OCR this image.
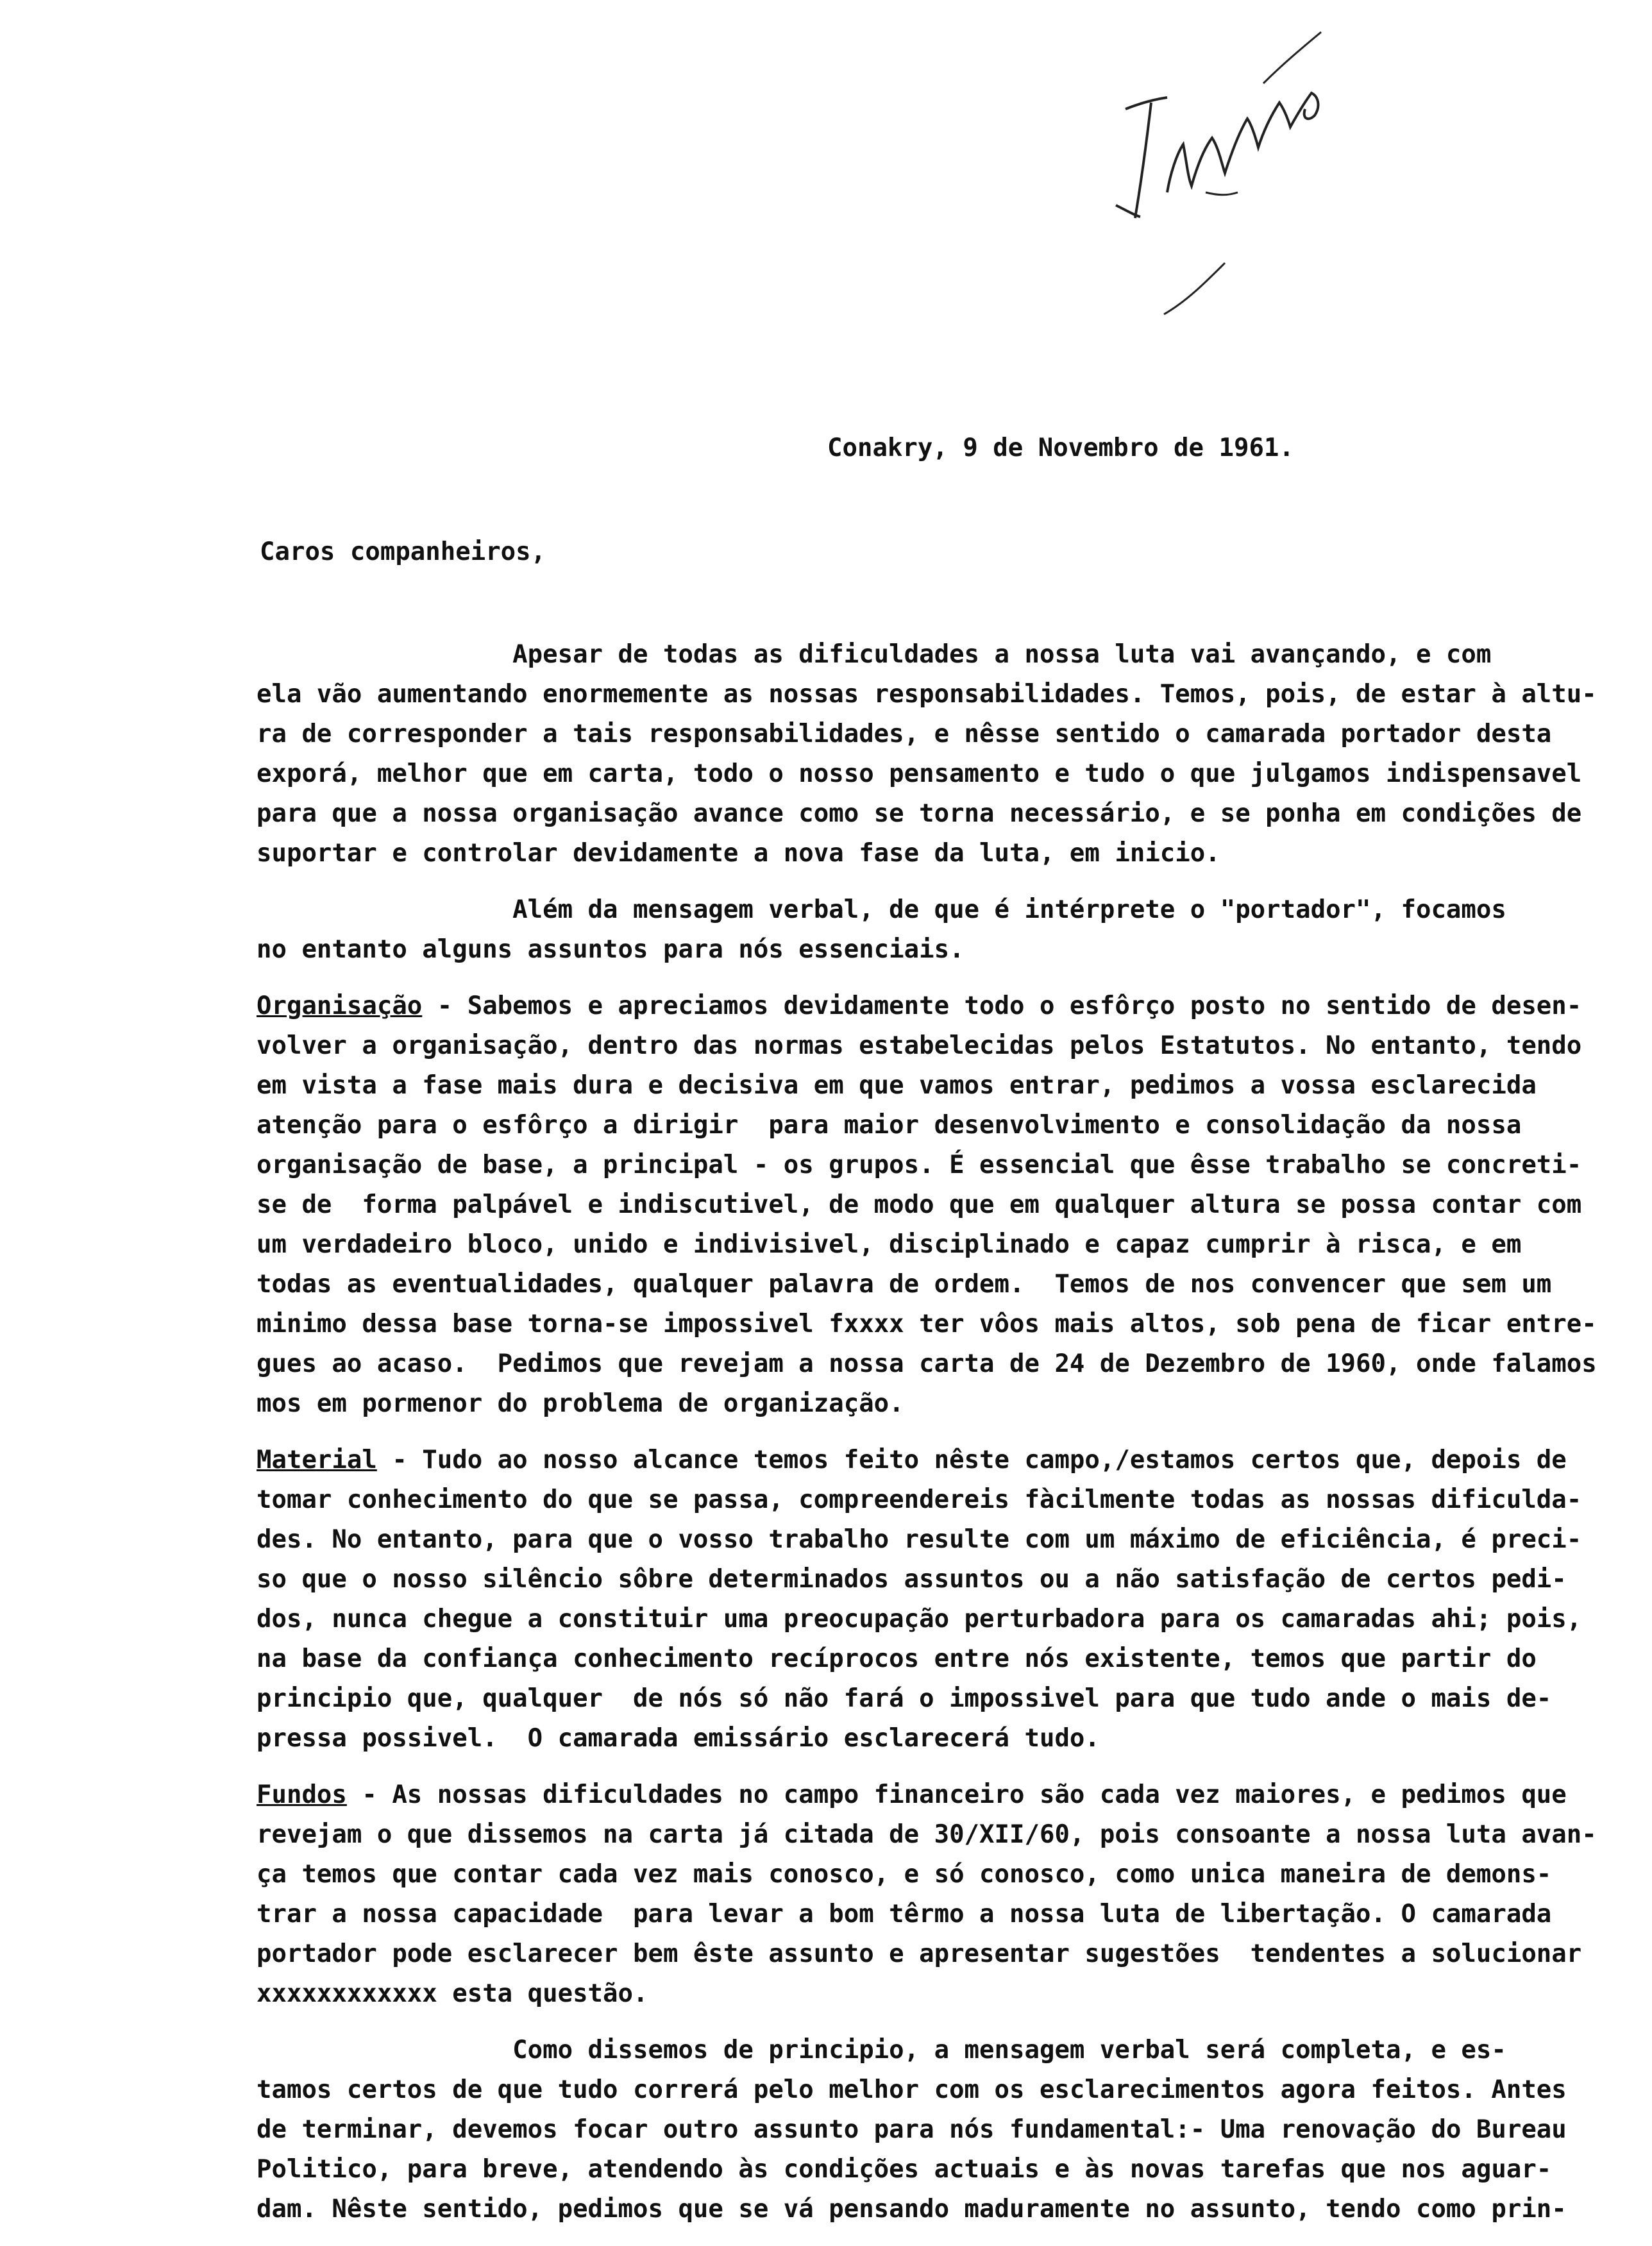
Conakry, 9 de Novembro de 1961.
Caros companheiros,
Apesar de todas as dificuldades a nossa luta vai avançando, e com
ela vão aumentando enormemente as nossas responsabilidades. Temos, pois, de estar à altu-
ra de corresponder a tais responsabilidades, e nêsse sentido o camarada portador desta
exporá, melhor que em carta, todo o nosso pensamento e tudo o que julgamos indispensavel
para que a nossa organisação avance como se torna necessário, e se ponha em condições de
suportar e controlar devidamente a nova fase da luta, em inicio.
Além da mensagem verbal, de que é intérprete o "portador", focamos
no entanto alguns assuntos para nós essenciais.
Organisação - Sabemos e apreciamos devidamente todo o esfôrço posto no sentido de desen-
volver a organisação, dentro das normas estabelecidas pelos Estatutos. No entanto, tendo
em vista a fase mais dura e decisiva em que vamos entrar, pedimos a vossa esclarecida
atenção para o esfôrço a dirigir  para maior desenvolvimento e consolidação da nossa
organisação de base, a principal - os grupos. É essencial que êsse trabalho se concreti-
se de  forma palpável e indiscutivel, de modo que em qualquer altura se possa contar com
um verdadeiro bloco, unido e indivisivel, disciplinado e capaz cumprir à risca, e em
todas as eventualidades, qualquer palavra de ordem.  Temos de nos convencer que sem um
minimo dessa base torna-se impossivel fxxxx ter vôos mais altos, sob pena de ficar entre-
gues ao acaso.  Pedimos que revejam a nossa carta de 24 de Dezembro de 1960, onde falamos
mos em pormenor do problema de organização.
Material - Tudo ao nosso alcance temos feito nêste campo,/estamos certos que, depois de
tomar conhecimento do que se passa, compreendereis fàcilmente todas as nossas dificulda-
des. No entanto, para que o vosso trabalho resulte com um máximo de eficiência, é preci-
so que o nosso silêncio sôbre determinados assuntos ou a não satisfação de certos pedi-
dos, nunca chegue a constituir uma preocupação perturbadora para os camaradas ahi; pois,
na base da confiança conhecimento recíprocos entre nós existente, temos que partir do
principio que, qualquer  de nós só não fará o impossivel para que tudo ande o mais de-
pressa possivel.  O camarada emissário esclarecerá tudo.
Fundos - As nossas dificuldades no campo financeiro são cada vez maiores, e pedimos que
revejam o que dissemos na carta já citada de 30/XII/60, pois consoante a nossa luta avan-
ça temos que contar cada vez mais conosco, e só conosco, como unica maneira de demons-
trar a nossa capacidade  para levar a bom têrmo a nossa luta de libertação. O camarada
portador pode esclarecer bem êste assunto e apresentar sugestões  tendentes a solucionar
xxxxxxxxxxxx esta questão.
Como dissemos de principio, a mensagem verbal será completa, e es-
tamos certos de que tudo correrá pelo melhor com os esclarecimentos agora feitos. Antes
de terminar, devemos focar outro assunto para nós fundamental:- Uma renovação do Bureau
Politico, para breve, atendendo às condições actuais e às novas tarefas que nos aguar-
dam. Nêste sentido, pedimos que se vá pensando maduramente no assunto, tendo como prin-
